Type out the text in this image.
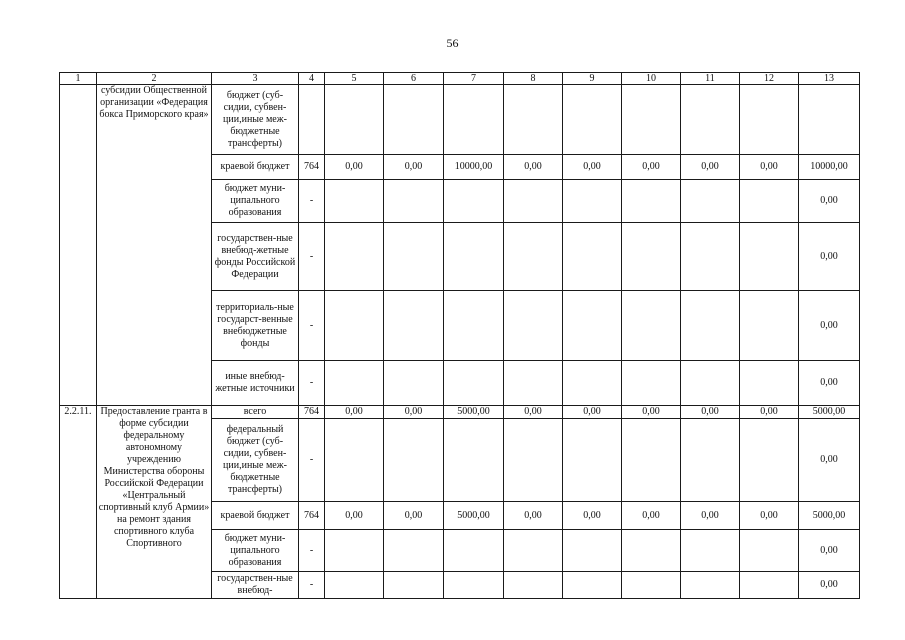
56
1	2	3	4	5	6	7	8	9	10	11	12	13
	субсидии Общественной организации «Федерация бокса Приморского края»	бюджет (суб-сидии, субвен-ции,иные меж-бюджетные трансферты)										
		краевой бюджет	764	0,00	0,00	10000,00	0,00	0,00	0,00	0,00	0,00	10000,00
		бюджет муни-ципального образования	-									0,00
		государствен-ные внебюд-жетные фонды Российской Федерации	-									0,00
		территориаль-ные государст-венные внебюджетные фонды	-									0,00
		иные внебюд-жетные источники	-									0,00
2.2.11.	Предоставление гранта в форме субсидии федеральному автономному учреждению Министерства обороны Российской Федерации «Центральный спортивный клуб Армии» на ремонт здания спортивного клуба Спортивного	всего	764	0,00	0,00	5000,00	0,00	0,00	0,00	0,00	0,00	5000,00
		федеральный бюджет (суб-сидии, субвен-ции,иные меж-бюджетные трансферты)	-									0,00
		краевой бюджет	764	0,00	0,00	5000,00	0,00	0,00	0,00	0,00	0,00	5000,00
		бюджет муни-ципального образования	-									0,00
		государствен-ные внебюд-	-									0,00
